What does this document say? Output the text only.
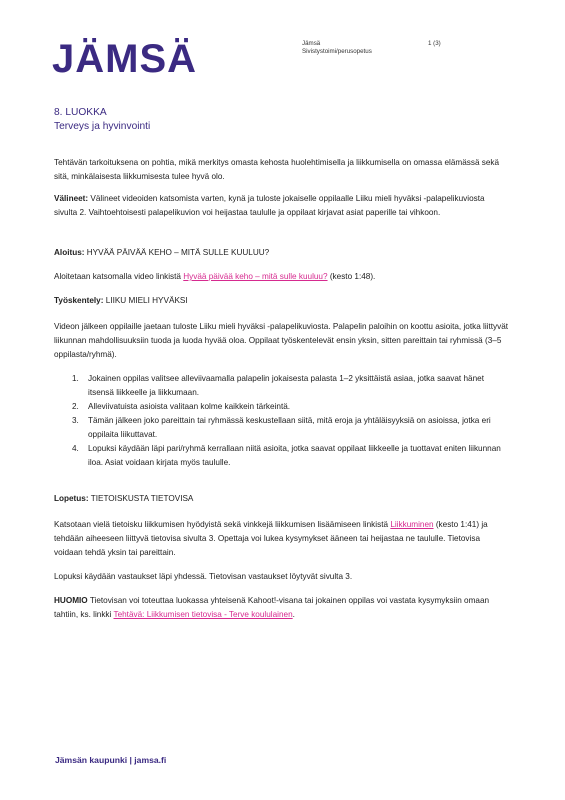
JÄMSÄ	Jämsä
Sivistystoimi/perusopetus
1 (3)
8. LUOKKA
Terveys ja hyvinvointi

Tehtävän tarkoituksena on pohtia, mikä merkitys omasta kehosta huolehtimisella ja liikkumisella on omassa elämässä sekä sitä, minkälaisesta liikkumisesta tulee hyvä olo.

Välineet: Välineet videoiden katsomista varten, kynä ja tuloste jokaiselle oppilaalle Liiku mieli hyväksi -palapelikuviosta sivulta 2. Vaihtoehtoisesti palapelikuvion voi heijastaa taululle ja oppilaat kirjavat asiat paperille tai vihkoon.

Aloitus: HYVÄÄ PÄIVÄÄ KEHO – MITÄ SULLE KUULUU?

Aloitetaan katsomalla video linkistä Hyvää päivää keho – mitä sulle kuuluu? (kesto 1:48).

Työskentely: LIIKU MIELI HYVÄKSI

Videon jälkeen oppilaille jaetaan tuloste Liiku mieli hyväksi -palapelikuviosta. Palapelin paloihin on koottu asioita, jotka liittyvät liikunnan mahdollisuuksiin tuoda ja luoda hyvää oloa. Oppilaat työskentelevät ensin yksin, sitten pareittain tai ryhmissä (3–5 oppilasta/ryhmä).

1. Jokainen oppilas valitsee alleviivaamalla palapelin jokaisesta palasta 1–2 yksittäistä asiaa, jotka saavat hänet itsensä liikkeelle ja liikkumaan.
2. Alleviivatuista asioista valitaan kolme kaikkein tärkeintä.
3. Tämän jälkeen joko pareittain tai ryhmässä keskustellaan siitä, mitä eroja ja yhtäläisyyksiä on asioissa, jotka eri oppilaita liikuttavat.
4. Lopuksi käydään läpi pari/ryhmä kerrallaan niitä asioita, jotka saavat oppilaat liikkeelle ja tuottavat eniten liikunnan iloa. Asiat voidaan kirjata myös taululle.

Lopetus: TIETOISKUSTA TIETOVISA

Katsotaan vielä tietoisku liikkumisen hyödyistä sekä vinkkejä liikkumisen lisäämiseen linkistä Liikkuminen (kesto 1:41) ja tehdään aiheeseen liittyvä tietovisa sivulta 3. Opettaja voi lukea kysymykset ääneen tai heijastaa ne taululle. Tietovisa voidaan tehdä yksin tai pareittain.

Lopuksi käydään vastaukset läpi yhdessä. Tietovisan vastaukset löytyvät sivulta 3.

HUOMIO Tietovisan voi toteuttaa luokassa yhteisenä Kahoot!-visana tai jokainen oppilas voi vastata kysymyksiin omaan tahtiin, ks. linkki Tehtävä: Liikkumisen tietovisa - Terve koululainen.

Jämsän kaupunki | jamsa.fi
